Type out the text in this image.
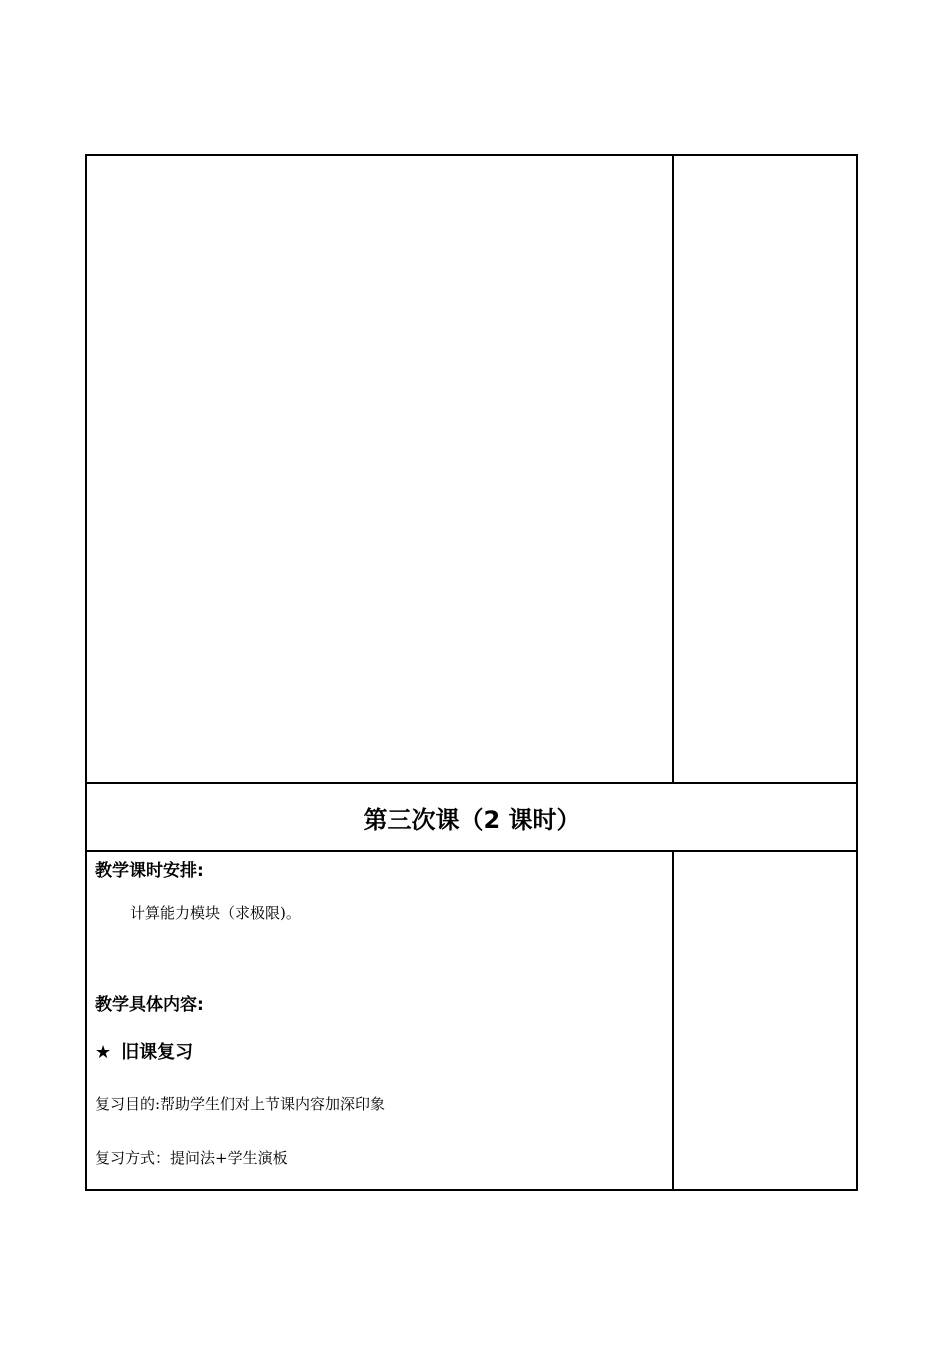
第三次课（2 课时）
教学课时安排:
计算能力模块（求极限)。
教学具体内容:
★ 旧课复习
复习目的:帮助学生们对上节课内容加深印象
复习方式：提问法+学生演板
